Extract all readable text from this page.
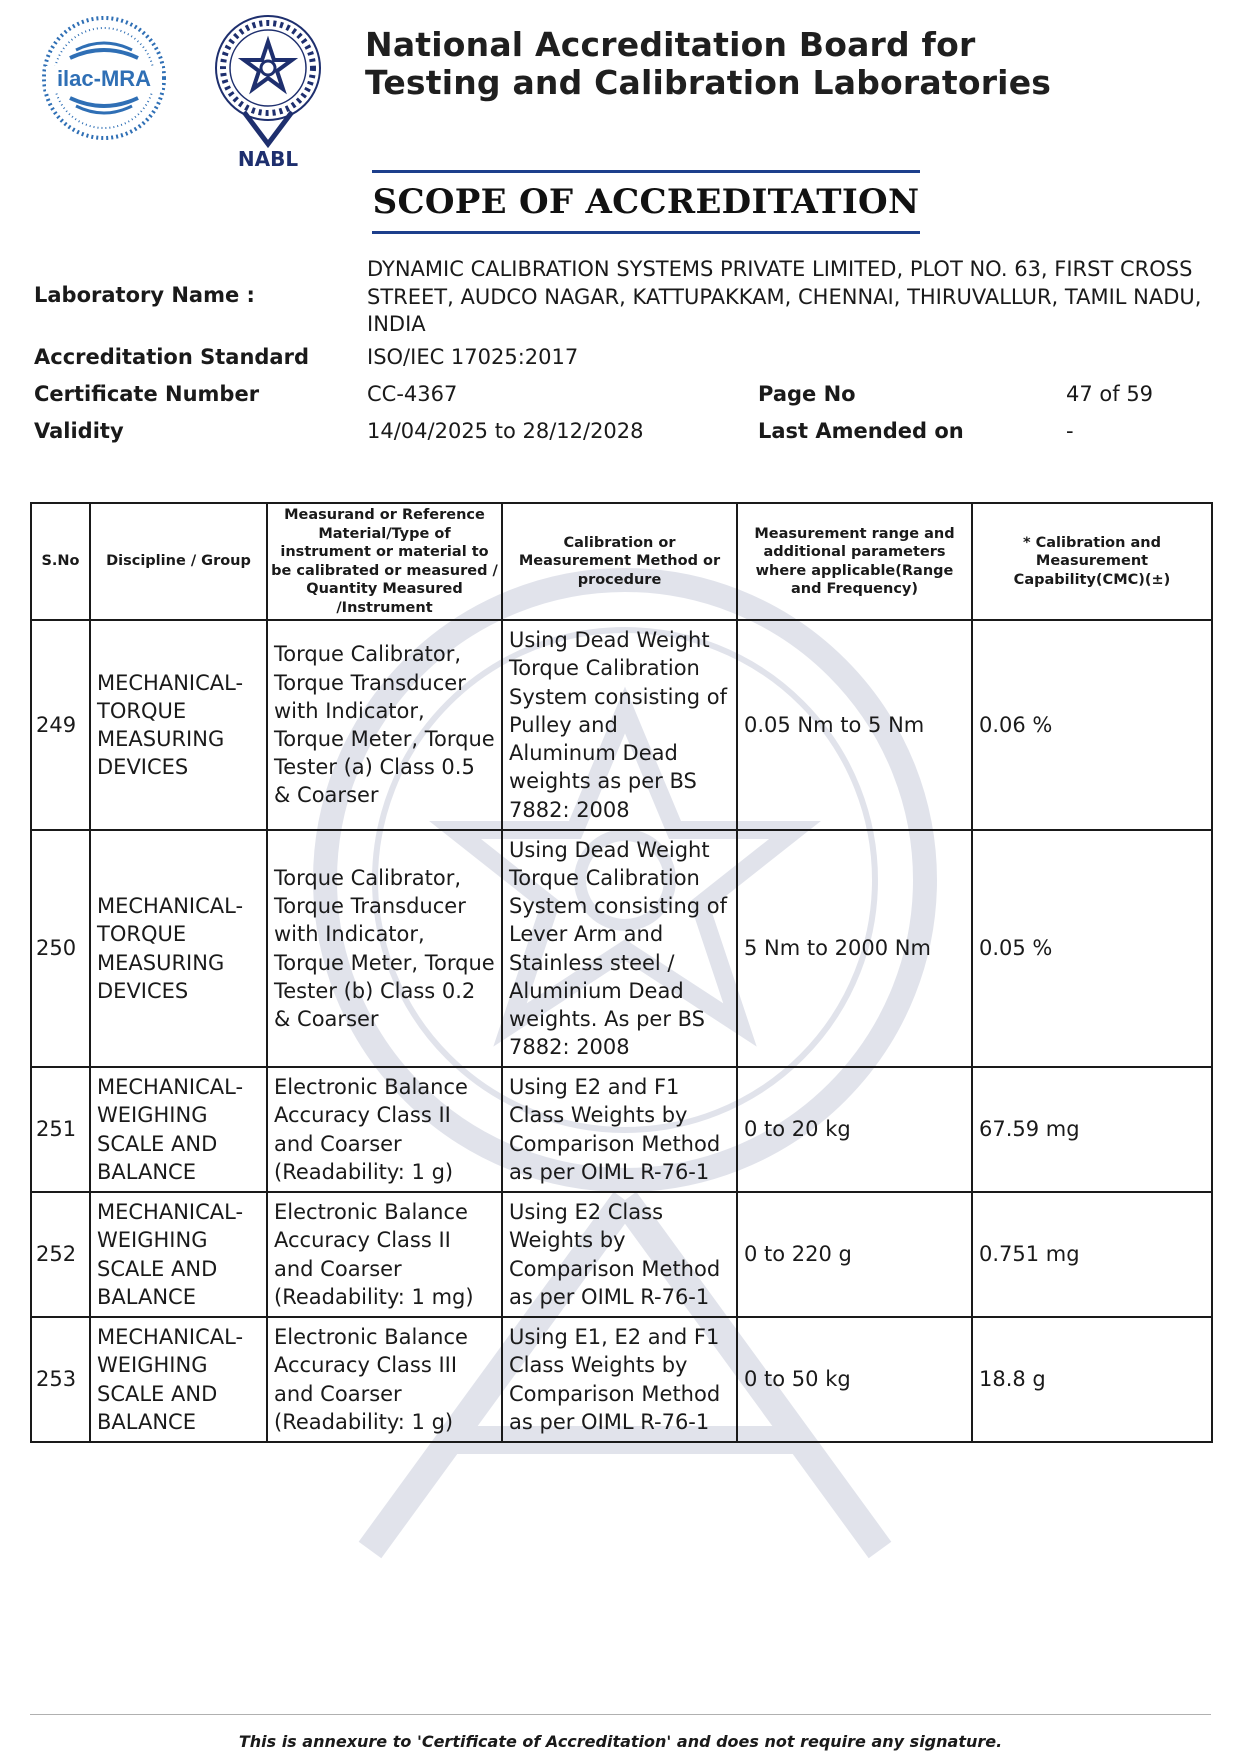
ilac-MRA
NABL
National Accreditation Board for
Testing and Calibration Laboratories
SCOPE OF ACCREDITATION
Laboratory Name :
DYNAMIC CALIBRATION SYSTEMS PRIVATE LIMITED, PLOT NO. 63, FIRST CROSS
STREET, AUDCO NAGAR, KATTUPAKKAM, CHENNAI, THIRUVALLUR, TAMIL NADU,
INDIA
Accreditation Standard	ISO/IEC 17025:2017
Certificate Number	CC-4367	Page No	47 of 59
Validity	14/04/2025 to 28/12/2028	Last Amended on	-
S.No	Discipline / Group	Measurand or Reference Material/Type of instrument or material to be calibrated or measured / Quantity Measured /Instrument	Calibration or Measurement Method or procedure	Measurement range and additional parameters where applicable(Range and Frequency)	* Calibration and Measurement Capability(CMC)(±)
249	MECHANICAL- TORQUE MEASURING DEVICES	Torque Calibrator, Torque Transducer with Indicator, Torque Meter, Torque Tester (a) Class 0.5 & Coarser	Using Dead Weight Torque Calibration System consisting of Pulley and Aluminum Dead weights as per BS 7882: 2008	0.05 Nm to 5 Nm	0.06 %
250	MECHANICAL- TORQUE MEASURING DEVICES	Torque Calibrator, Torque Transducer with Indicator, Torque Meter, Torque Tester (b) Class 0.2 & Coarser	Using Dead Weight Torque Calibration System consisting of Lever Arm and Stainless steel / Aluminium Dead weights. As per BS 7882: 2008	5 Nm to 2000 Nm	0.05 %
251	MECHANICAL- WEIGHING SCALE AND BALANCE	Electronic Balance Accuracy Class II and Coarser (Readability: 1 g)	Using E2 and F1 Class Weights by Comparison Method as per OIML R-76-1	0 to 20 kg	67.59 mg
252	MECHANICAL- WEIGHING SCALE AND BALANCE	Electronic Balance Accuracy Class II and Coarser (Readability: 1 mg)	Using E2 Class Weights by Comparison Method as per OIML R-76-1	0 to 220 g	0.751 mg
253	MECHANICAL- WEIGHING SCALE AND BALANCE	Electronic Balance Accuracy Class III and Coarser (Readability: 1 g)	Using E1, E2 and F1 Class Weights by Comparison Method as per OIML R-76-1	0 to 50 kg	18.8 g
This is annexure to 'Certificate of Accreditation' and does not require any signature.
